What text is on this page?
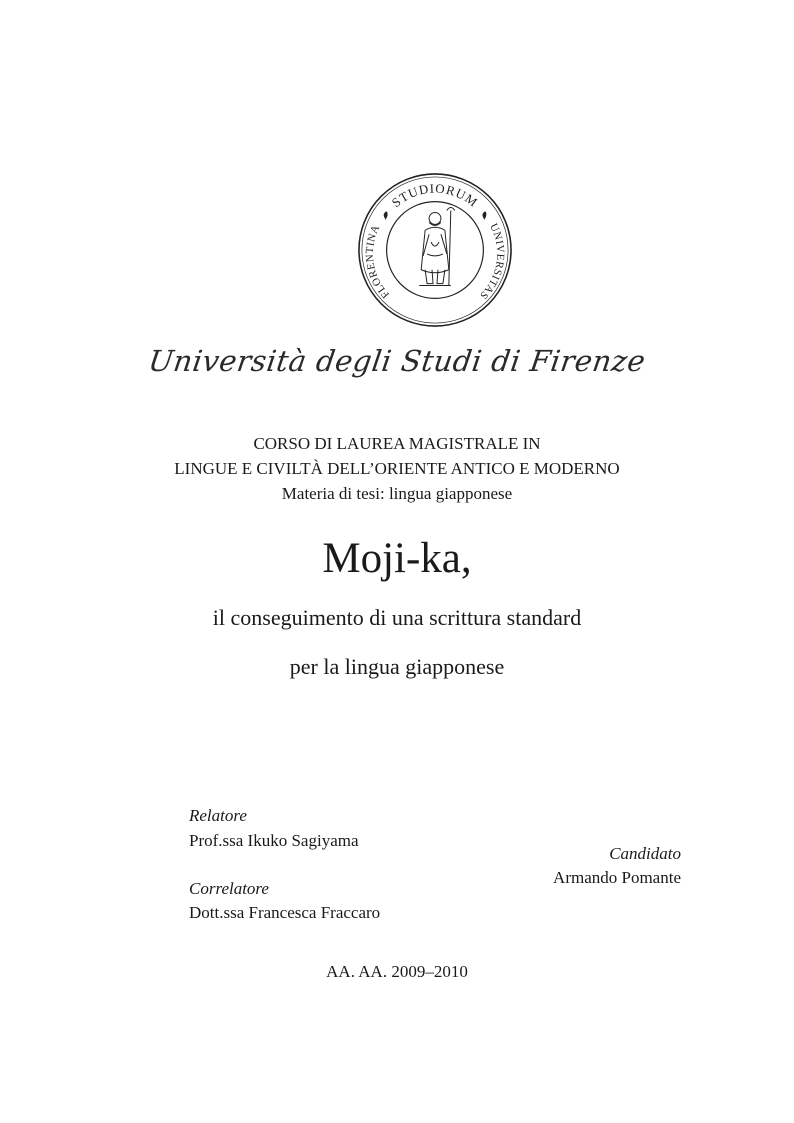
STUDIORUM
FLORENTINA	UNIVERSITAS
Università degli Studi di Firenze
CORSO DI LAUREA MAGISTRALE IN
LINGUE E CIVILTÀ DELL’ORIENTE ANTICO E MODERNO
Materia di tesi: lingua giapponese
Moji-ka,
il conseguimento di una scrittura standard
per la lingua giapponese
Relatore
Prof.ssa Ikuko Sagiyama
Correlatore
Dott.ssa Francesca Fraccaro
Candidato
Armando Pomante
AA. AA. 2009–2010
